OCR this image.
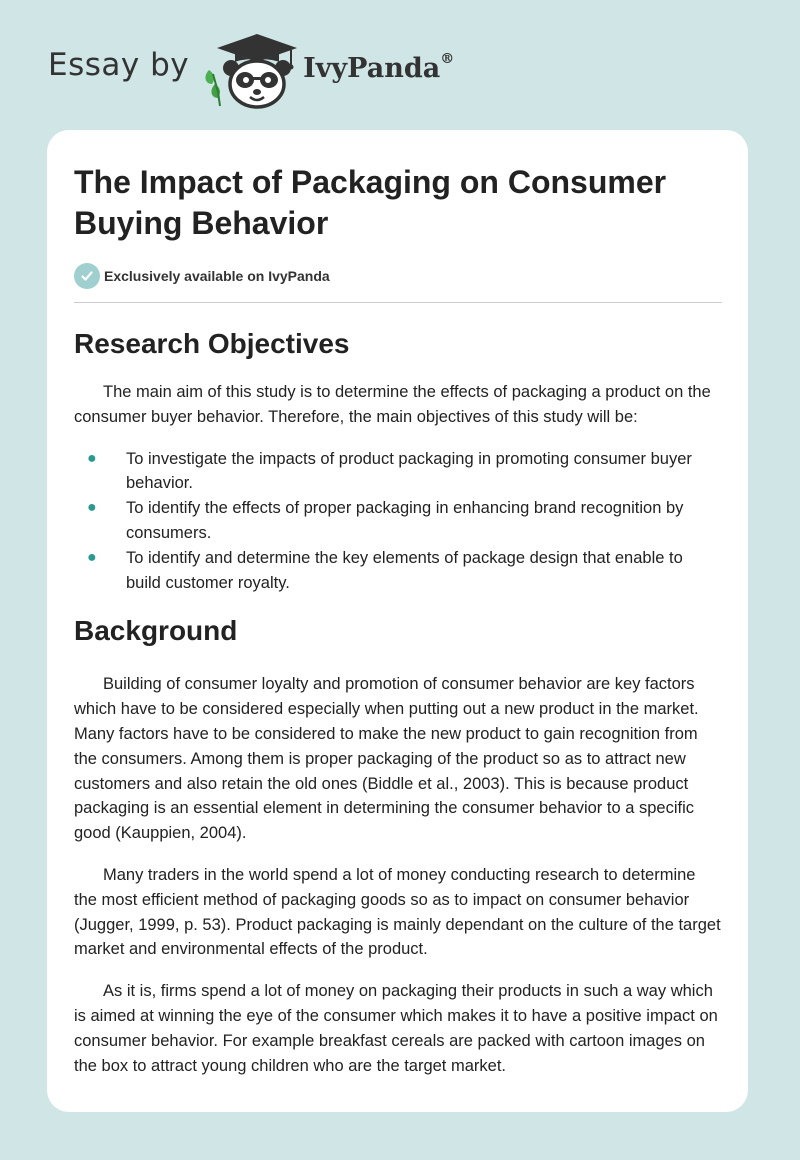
Essay by	IvyPanda®
The Impact of Packaging on Consumer Buying Behavior
Exclusively available on IvyPanda
Research Objectives

The main aim of this study is to determine the effects of packaging a product on the consumer buyer behavior. Therefore, the main objectives of this study will be:

● To investigate the impacts of product packaging in promoting consumer buyer behavior.
● To identify the effects of proper packaging in enhancing brand recognition by consumers.
● To identify and determine the key elements of package design that enable to build customer royalty.
Background

Building of consumer loyalty and promotion of consumer behavior are key factors which have to be considered especially when putting out a new product in the market. Many factors have to be considered to make the new product to gain recognition from the consumers. Among them is proper packaging of the product so as to attract new customers and also retain the old ones (Biddle et al., 2003). This is because product packaging is an essential element in determining the consumer behavior to a specific good (Kauppien, 2004).

Many traders in the world spend a lot of money conducting research to determine the most efficient method of packaging goods so as to impact on consumer behavior (Jugger, 1999, p. 53). Product packaging is mainly dependant on the culture of the target market and environmental effects of the product.

As it is, firms spend a lot of money on packaging their products in such a way which is aimed at winning the eye of the consumer which makes it to have a positive impact on consumer behavior. For example breakfast cereals are packed with cartoon images on the box to attract young children who are the target market.
